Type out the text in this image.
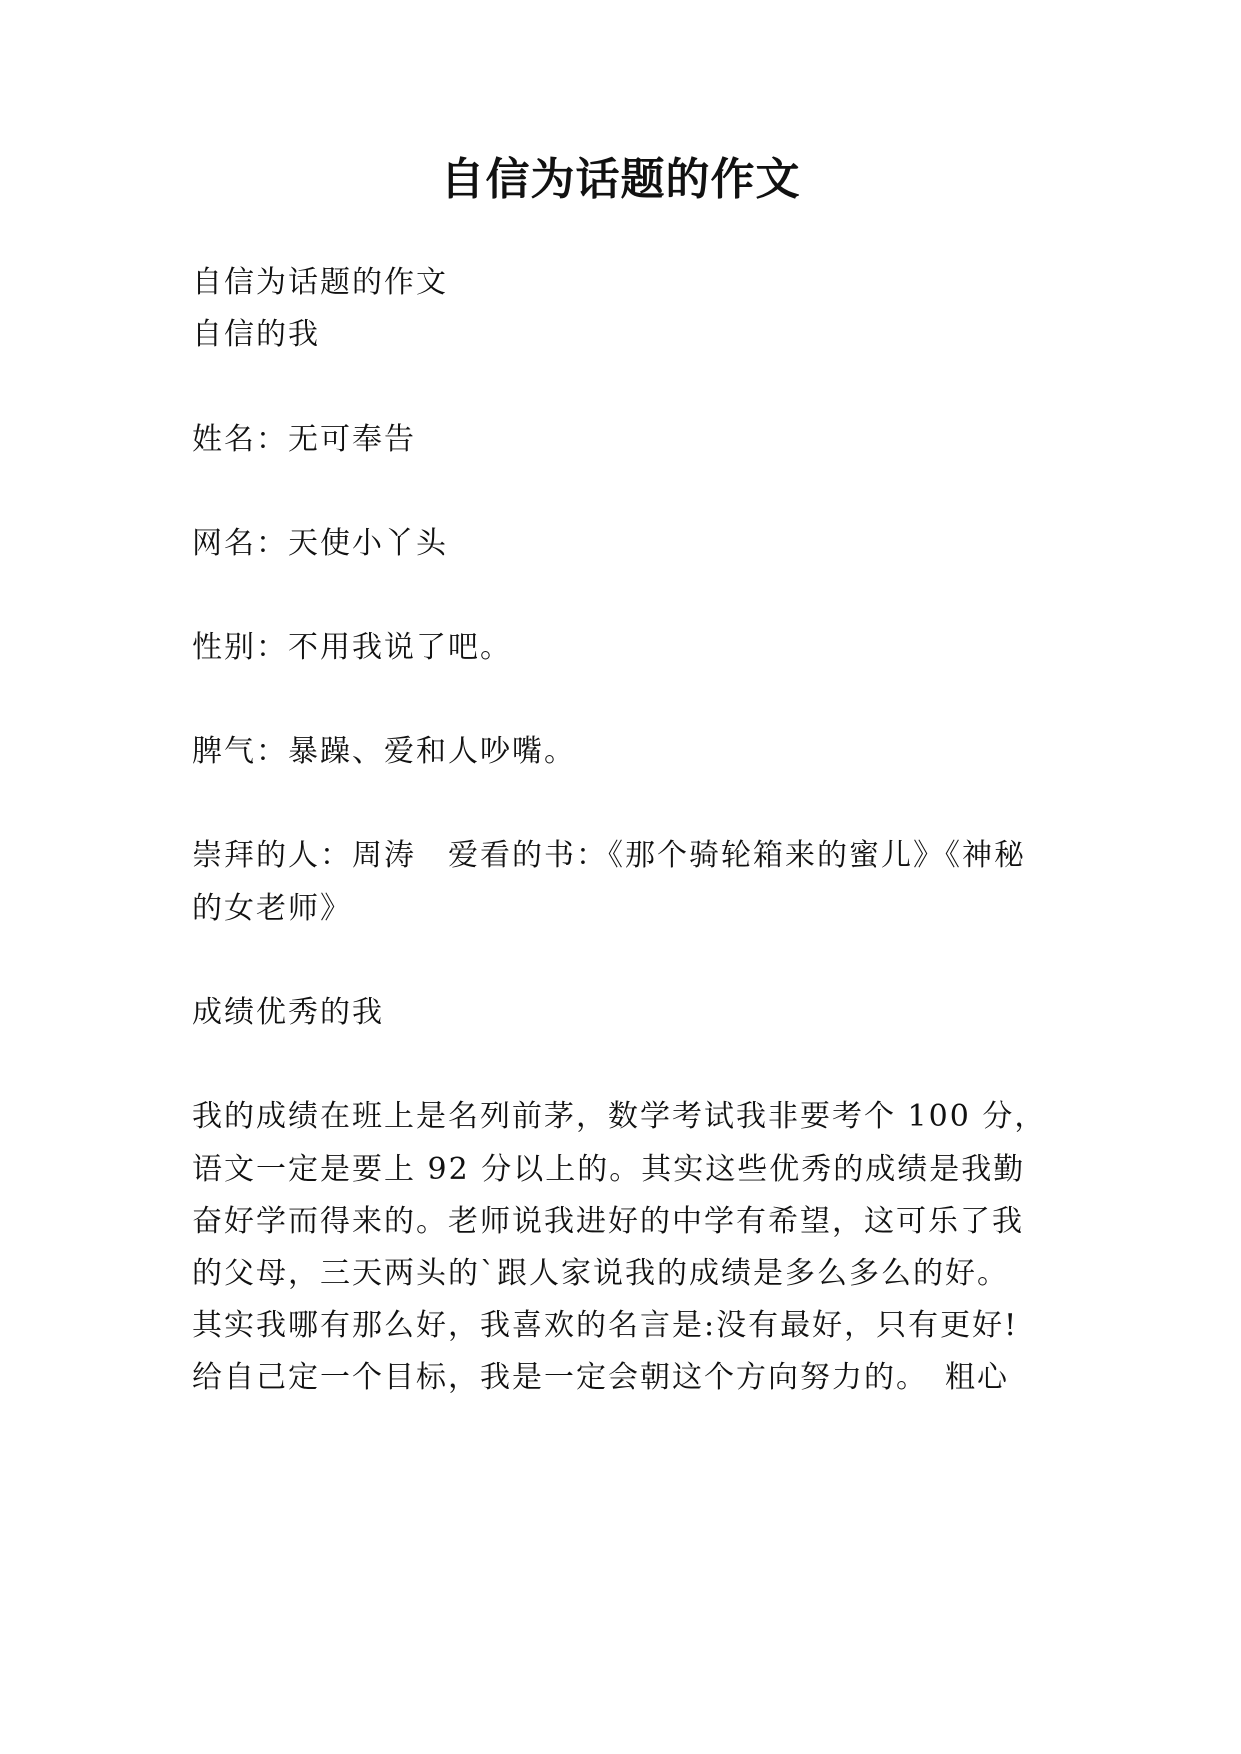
自信为话题的作文
自信为话题的作文
自信的我
姓名：无可奉告
网名：天使小丫头
性别：不用我说了吧。
脾气：暴躁、爱和人吵嘴。
崇拜的人：周涛　爱看的书：《那个骑轮箱来的蜜儿》《神秘
的女老师》
成绩优秀的我
我的成绩在班上是名列前茅，数学考试我非要考个 100 分，
语文一定是要上 92 分以上的。其实这些优秀的成绩是我勤
奋好学而得来的。老师说我进好的中学有希望，这可乐了我
的父母，三天两头的`跟人家说我的成绩是多么多么的好。
其实我哪有那么好，我喜欢的名言是:没有最好，只有更好!
给自己定一个目标，我是一定会朝这个方向努力的。　粗心
